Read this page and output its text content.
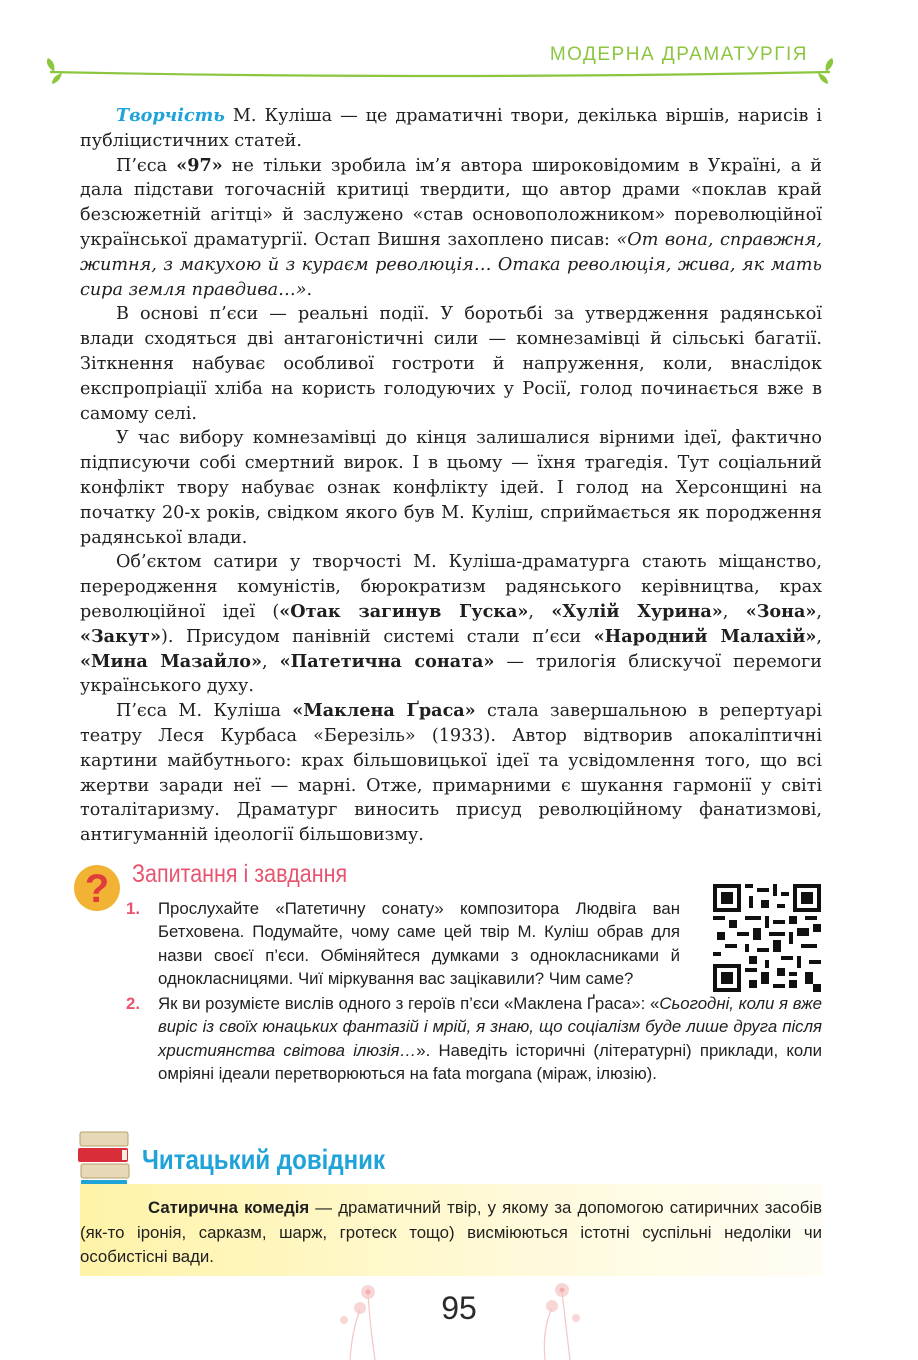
МОДЕРНА ДРАМАТУРГІЯ

Творчість М. Куліша — це драматичні твори, декілька віршів, нарисів і публіцистичних статей.

П’єса «97» не тільки зробила ім’я автора широковідомим в Україні, а й дала підстави тогочасній критиці твердити, що автор драми «поклав край безсюжетній агітці» й заслужено «став основоположником» пореволюційної української драматургії. Остап Вишня захоплено писав: «От вона, справжня, житня, з макухою й з кураєм революція… Отака революція, жива, як мать сира земля правдива…».

В основі п’єси — реальні події. У боротьбі за утвердження радянської влади сходяться дві антагоністичні сили — комнезамівці й сільські багатії. Зіткнення набуває особливої гостроти й напруження, коли, внаслідок експропріації хліба на користь голодуючих у Росії, голод починається вже в самому селі.

У час вибору комнезамівці до кінця залишалися вірними ідеї, фактично підписуючи собі смертний вирок. І в цьому — їхня трагедія. Тут соціальний конфлікт твору набуває ознак конфлікту ідей. І голод на Херсонщині на початку 20-х років, свідком якого був М. Куліш, сприймається як породження радянської влади.

Об’єктом сатири у творчості М. Куліша-драматурга стають міщанство, переродження комуністів, бюрократизм радянського керівництва, крах революційної ідеї («Отак загинув Гуска», «Хулій Хурина», «Зона», «Закут»). Присудом панівній системі стали п’єси «Народний Малахій», «Мина Мазайло», «Патетична соната» — трилогія блискучої перемоги українського духу.

П’єса М. Куліша «Маклена Ґраса» стала завершальною в репертуарі театру Леся Курбаса «Березіль» (1933). Автор відтворив апокаліптичні картини майбутнього: крах більшовицької ідеї та усвідомлення того, що всі жертви заради неї — марні. Отже, примарними є шукання гармонії у світі тоталітаризму. Драматург виносить присуд революційному фанатизмові, антигуманній ідеології більшовизму.

? Запитання і завдання
1. Прослухайте «Патетичну сонату» композитора Людвіга ван Бетховена. Подумайте, чому саме цей твір М. Куліш обрав для назви своєї п’єси. Обміняйтеся думками з однокласниками й однокласницями. Чиї міркування вас зацікавили? Чим саме?
2. Як ви розумієте вислів одного з героїв п’єси «Маклена Ґраса»: «Сьогодні, коли я вже виріс із своїх юнацьких фантазій і мрій, я знаю, що соціалізм буде лише друга після християнства світова ілюзія…». Наведіть історичні (літературні) приклади, коли омріяні ідеали перетворюються на fata morgana (міраж, ілюзію).
Читацький довідник

Сатирична комедія — драматичний твір, у якому за допомогою сатиричних засобів (як-то іронія, сарказм, шарж, гротеск тощо) висміюються істотні суспільні недоліки чи особистісні вади.

95
